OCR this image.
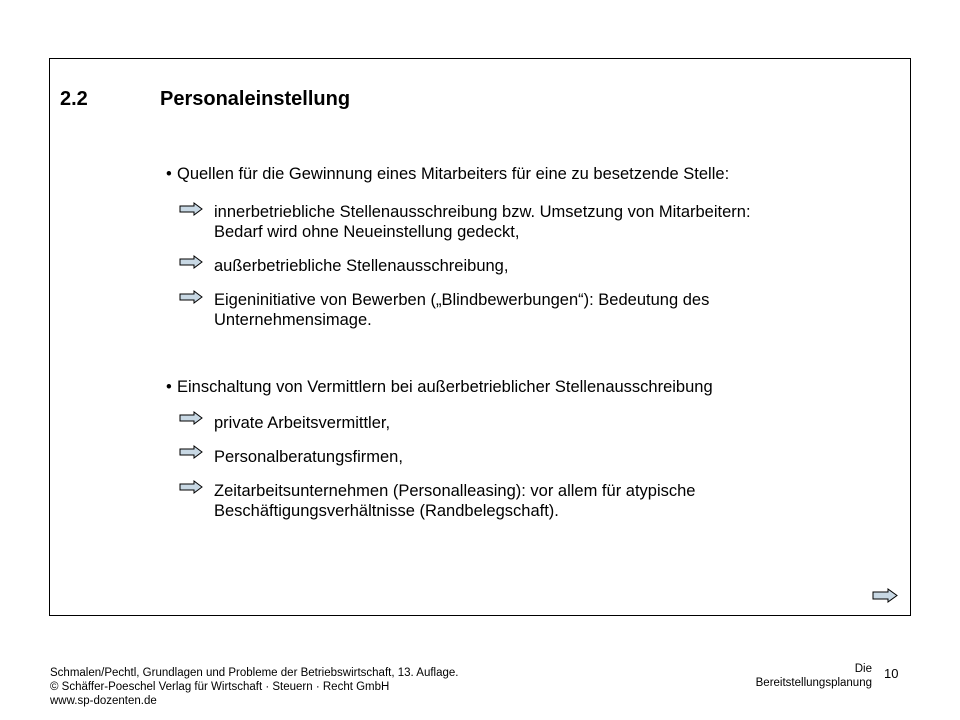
2.2	Personaleinstellung
• Quellen für die Gewinnung eines Mitarbeiters für eine zu besetzende Stelle:
innerbetriebliche Stellenausschreibung bzw. Umsetzung von Mitarbeitern:
Bedarf wird ohne Neueinstellung gedeckt,
außerbetriebliche Stellenausschreibung,
Eigeninitiative von Bewerben („Blindbewerbungen“): Bedeutung des
Unternehmensimage.
• Einschaltung von Vermittlern bei außerbetrieblicher Stellenausschreibung
private Arbeitsvermittler,
Personalberatungsfirmen,
Zeitarbeitsunternehmen (Personalleasing): vor allem für atypische
Beschäftigungsverhältnisse (Randbelegschaft).
Schmalen/Pechtl, Grundlagen und Probleme der Betriebswirtschaft, 13. Auflage.
© Schäffer-Poeschel Verlag für Wirtschaft · Steuern · Recht GmbH
www.sp-dozenten.de
Die
Bereitstellungsplanung
10
